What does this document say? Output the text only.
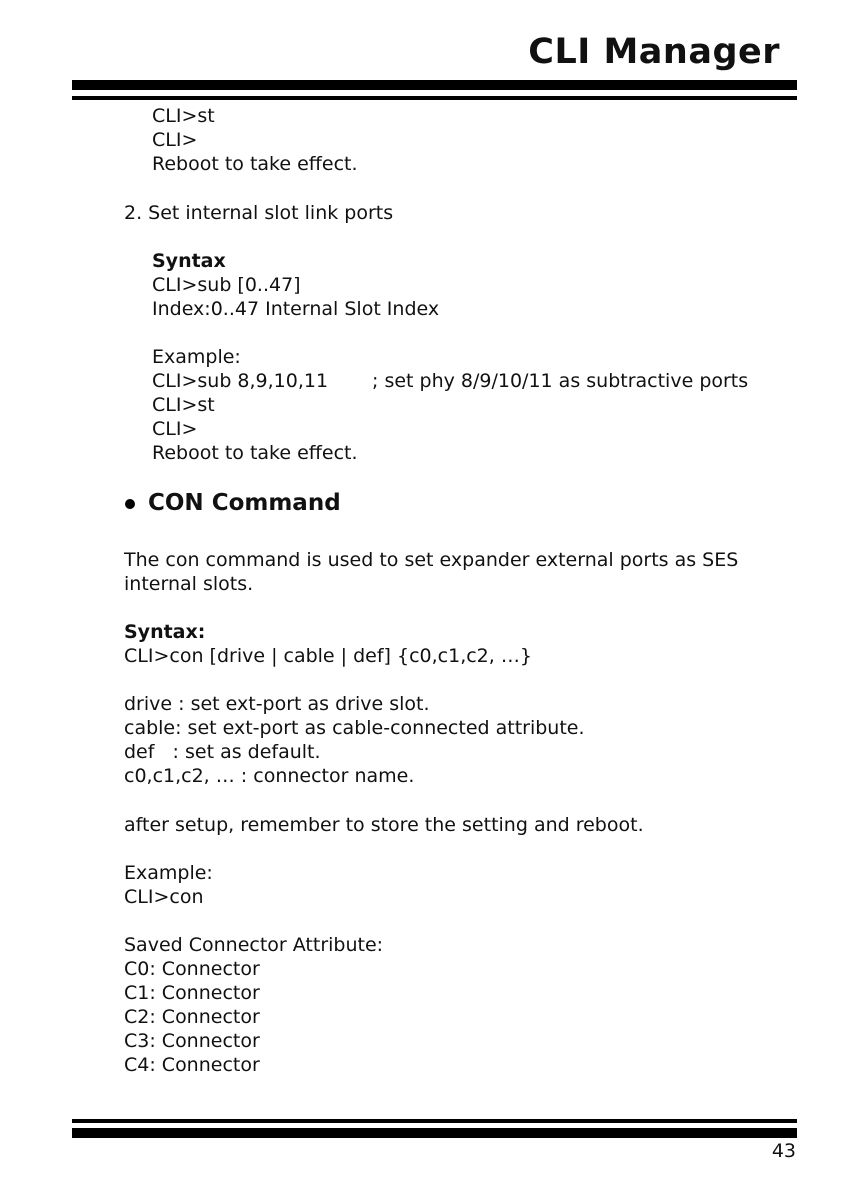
CLI Manager
CLI>st
CLI>
Reboot to take effect.
2. Set internal slot link ports
Syntax
CLI>sub [0..47]
Index:0..47 Internal Slot Index
Example:
CLI>sub 8,9,10,11 ; set phy 8/9/10/11 as subtractive ports
CLI>st
CLI>
Reboot to take effect.
CON Command
The con command is used to set expander external ports as SES
internal slots.
Syntax:
CLI>con [drive | cable | def] {c0,c1,c2, …}
drive : set ext-port as drive slot.
cable: set ext-port as cable-connected attribute.
def   : set as default.
c0,c1,c2, … : connector name.
after setup, remember to store the setting and reboot.
Example:
CLI>con
Saved Connector Attribute:
C0: Connector
C1: Connector
C2: Connector
C3: Connector
C4: Connector
43
